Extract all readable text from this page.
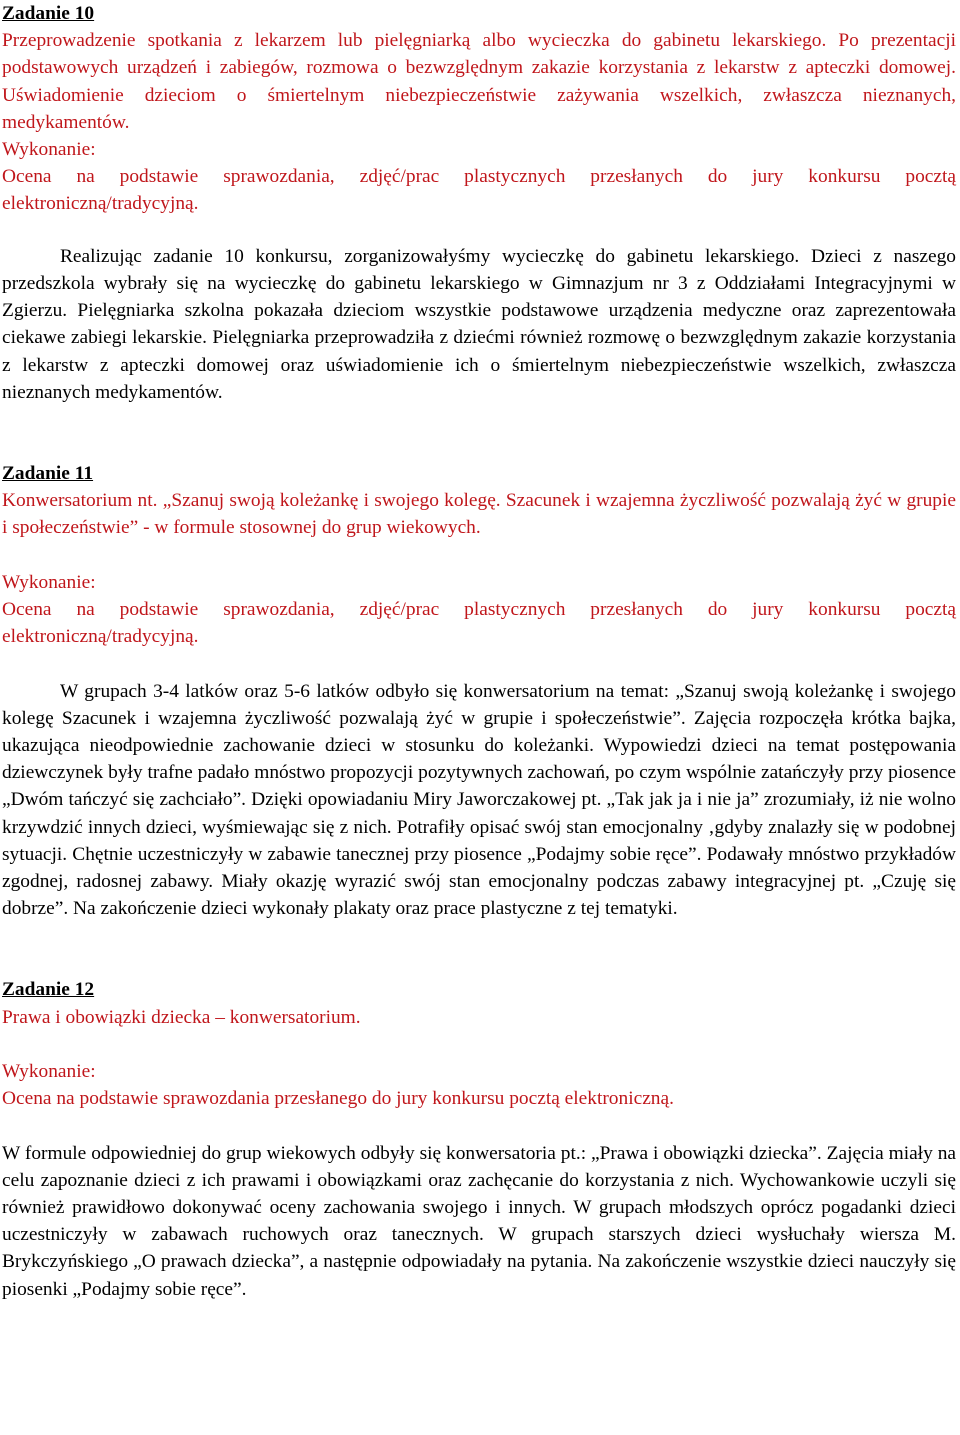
Zadanie 10

Przeprowadzenie spotkania z lekarzem lub pielęgniarką albo wycieczka do gabinetu lekarskiego. Po prezentacji podstawowych urządzeń i zabiegów, rozmowa o bezwzględnym zakazie korzystania z lekarstw z apteczki domowej. Uświadomienie dzieciom o śmiertelnym niebezpieczeństwie zażywania wszelkich, zwłaszcza nieznanych, medykamentów.

Wykonanie:

Ocena na podstawie sprawozdania, zdjęć/prac plastycznych przesłanych do jury konkursu pocztą elektroniczną/tradycyjną.

Realizując zadanie 10 konkursu, zorganizowałyśmy wycieczkę do gabinetu lekarskiego. Dzieci z naszego przedszkola wybrały się na wycieczkę do gabinetu lekarskiego w Gimnazjum nr 3 z Oddziałami Integracyjnymi w Zgierzu. Pielęgniarka szkolna pokazała dzieciom wszystkie podstawowe urządzenia medyczne oraz zaprezentowała ciekawe zabiegi lekarskie. Pielęgniarka przeprowadziła z dziećmi również rozmowę o bezwzględnym zakazie korzystania z lekarstw z apteczki domowej oraz uświadomienie ich o śmiertelnym niebezpieczeństwie wszelkich, zwłaszcza nieznanych medykamentów.

Zadanie 11

Konwersatorium nt. „Szanuj swoją koleżankę i swojego kolegę. Szacunek i wzajemna życzliwość pozwalają żyć w grupie i społeczeństwie” - w formule stosownej do grup wiekowych.

Wykonanie:

Ocena na podstawie sprawozdania, zdjęć/prac plastycznych przesłanych do jury konkursu pocztą elektroniczną/tradycyjną.

W grupach 3-4 latków oraz 5-6 latków odbyło się konwersatorium na temat: „Szanuj swoją koleżankę i swojego kolegę Szacunek i wzajemna życzliwość pozwalają żyć w grupie i społeczeństwie”. Zajęcia rozpoczęła krótka bajka, ukazująca nieodpowiednie zachowanie dzieci w stosunku do koleżanki. Wypowiedzi dzieci na temat postępowania dziewczynek były trafne padało mnóstwo propozycji pozytywnych zachowań, po czym wspólnie zatańczyły przy piosence „Dwóm tańczyć się zachciało”. Dzięki opowiadaniu Miry Jaworczakowej pt. „Tak jak ja i nie ja” zrozumiały, iż nie wolno krzywdzić innych dzieci, wyśmiewając się z nich. Potrafiły opisać swój stan emocjonalny ‚gdyby znalazły się w podobnej sytuacji. Chętnie uczestniczyły w zabawie tanecznej przy piosence „Podajmy sobie ręce”. Podawały mnóstwo przykładów zgodnej, radosnej zabawy. Miały okazję wyrazić swój stan emocjonalny podczas zabawy integracyjnej pt. „Czuję się dobrze”. Na zakończenie dzieci wykonały plakaty oraz prace plastyczne z tej tematyki.

Zadanie 12

Prawa i obowiązki dziecka – konwersatorium.

Wykonanie:

Ocena na podstawie sprawozdania przesłanego do jury konkursu pocztą elektroniczną.

W formule odpowiedniej do grup wiekowych odbyły się konwersatoria pt.: „Prawa i obowiązki dziecka”. Zajęcia miały na celu zapoznanie dzieci z ich prawami i obowiązkami oraz zachęcanie do korzystania z nich. Wychowankowie uczyli się również prawidłowo dokonywać oceny zachowania swojego i innych. W grupach młodszych oprócz pogadanki dzieci uczestniczyły w zabawach ruchowych oraz tanecznych. W grupach starszych dzieci wysłuchały wiersza M. Brykczyńskiego „O prawach dziecka”, a następnie odpowiadały na pytania. Na zakończenie wszystkie dzieci nauczyły się piosenki „Podajmy sobie ręce”.
